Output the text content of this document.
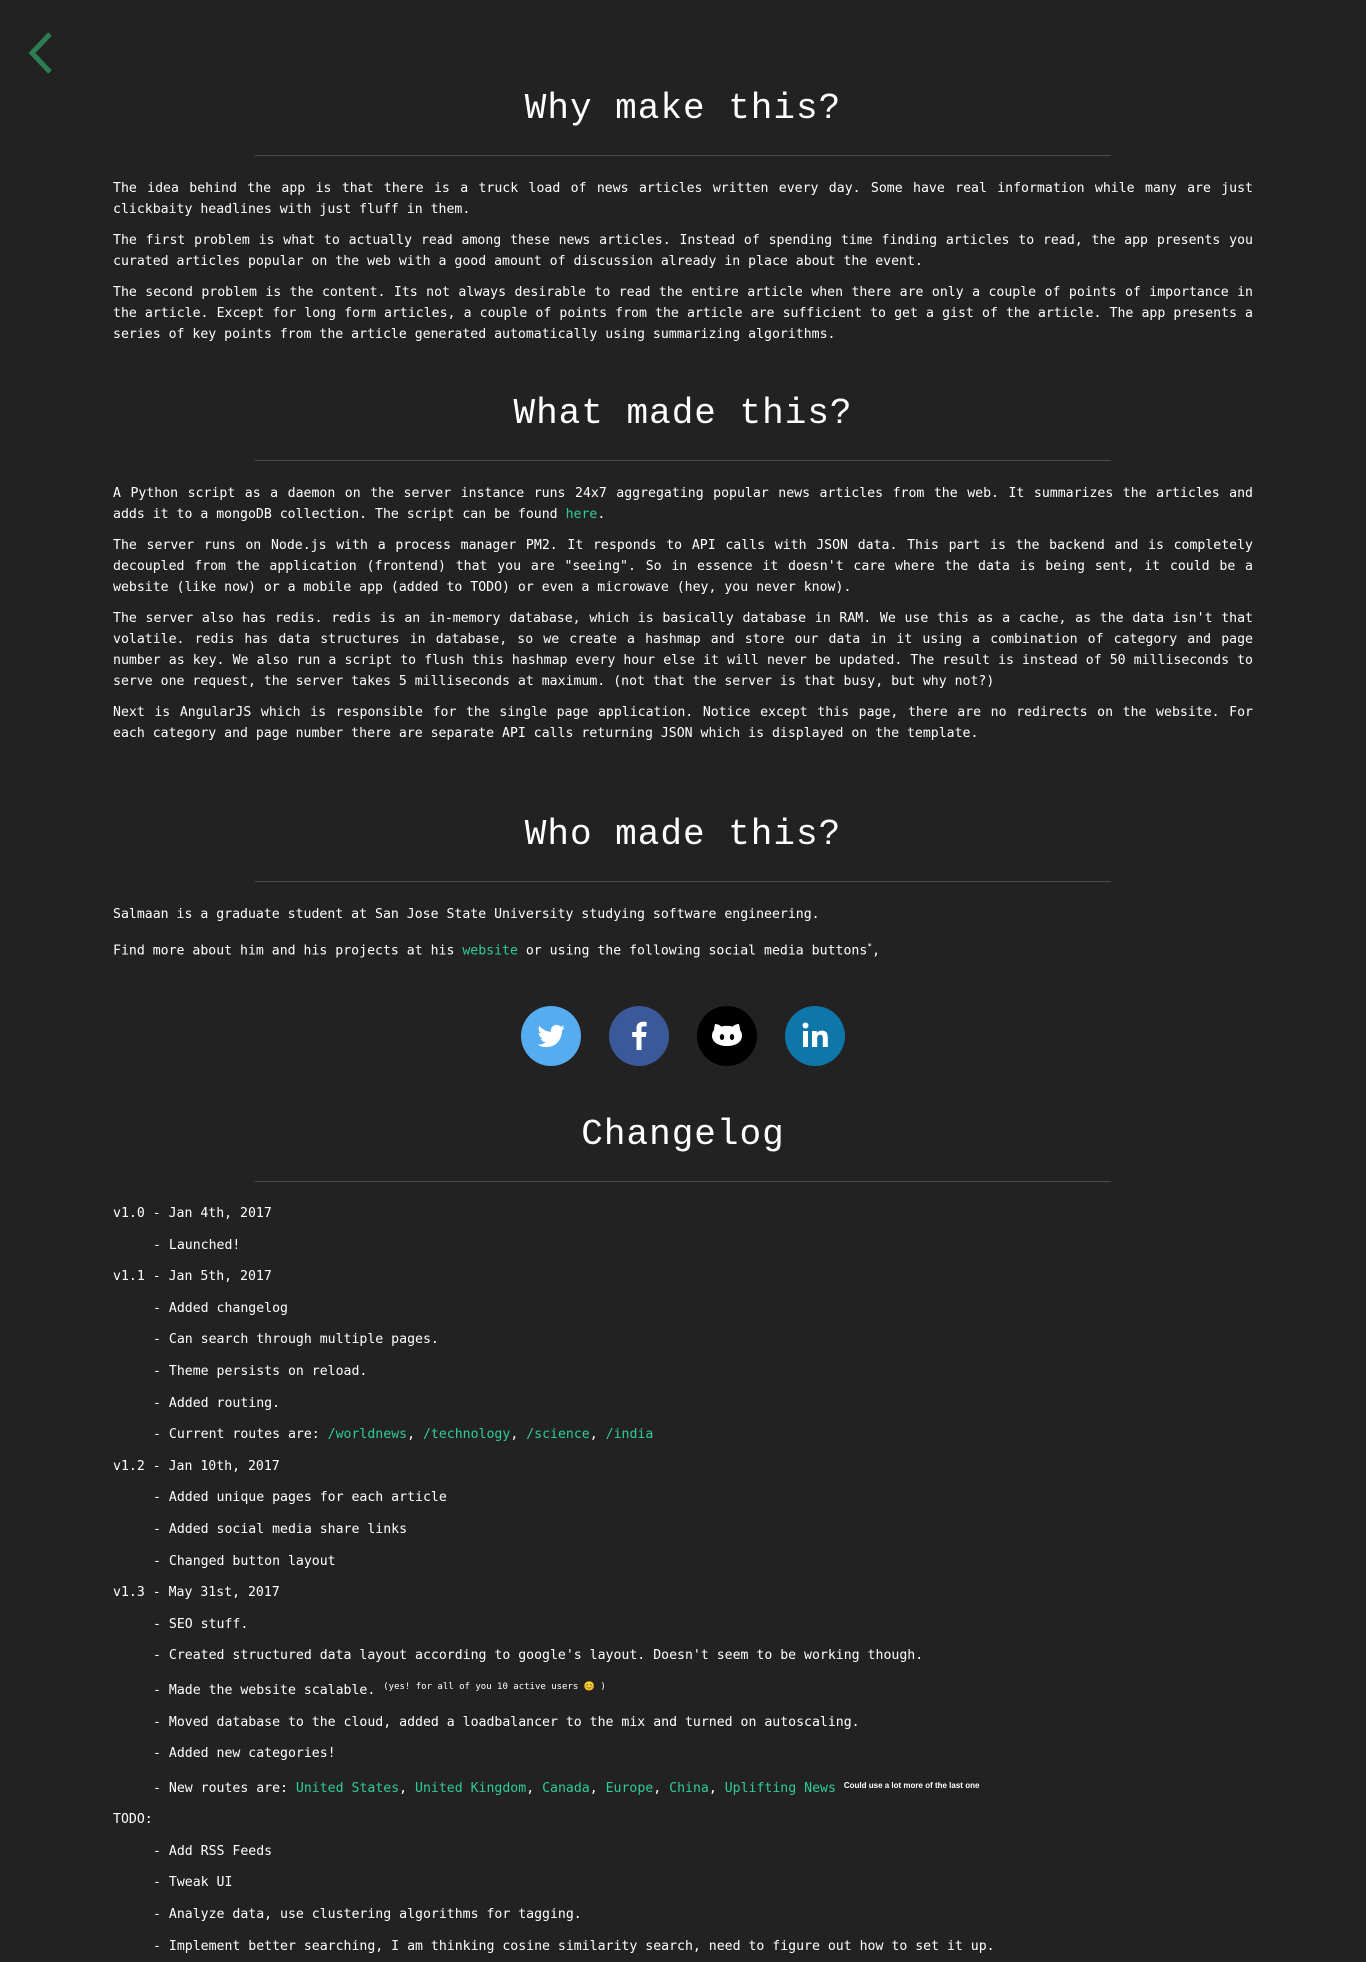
Why make this?

The idea behind the app is that there is a truck load of news articles written every day. Some have real information while many are just clickbaity headlines with just fluff in them.

The first problem is what to actually read among these news articles. Instead of spending time finding articles to read, the app presents you curated articles popular on the web with a good amount of discussion already in place about the event.

The second problem is the content. Its not always desirable to read the entire article when there are only a couple of points of importance in the article. Except for long form articles, a couple of points from the article are sufficient to get a gist of the article. The app presents a series of key points from the article generated automatically using summarizing algorithms.

What made this?

A Python script as a daemon on the server instance runs 24x7 aggregating popular news articles from the web. It summarizes the articles and adds it to a mongoDB collection. The script can be found here.

The server runs on Node.js with a process manager PM2. It responds to API calls with JSON data. This part is the backend and is completely decoupled from the application (frontend) that you are "seeing". So in essence it doesn't care where the data is being sent, it could be a website (like now) or a mobile app (added to TODO) or even a microwave (hey, you never know).

The server also has redis. redis is an in-memory database, which is basically database in RAM. We use this as a cache, as the data isn't that volatile. redis has data structures in database, so we create a hashmap and store our data in it using a combination of category and page number as key. We also run a script to flush this hashmap every hour else it will never be updated. The result is instead of 50 milliseconds to serve one request, the server takes 5 milliseconds at maximum. (not that the server is that busy, but why not?)

Next is AngularJS which is responsible for the single page application. Notice except this page, there are no redirects on the website. For each category and page number there are separate API calls returning JSON which is displayed on the template.

Who made this?

Salmaan is a graduate student at San Jose State University studying software engineering.

Find more about him and his projects at his website or using the following social media buttons*,

Changelog

v1.0 - Jan 4th, 2017

- Launched!

v1.1 - Jan 5th, 2017

- Added changelog

- Can search through multiple pages.

- Theme persists on reload.

- Added routing.

- Current routes are: /worldnews, /technology, /science, /india

v1.2 - Jan 10th, 2017

- Added unique pages for each article

- Added social media share links

- Changed button layout

v1.3 - May 31st, 2017

- SEO stuff.

- Created structured data layout according to google's layout. Doesn't seem to be working though.

- Made the website scalable. $^{(yes! for all of you 10 active users 😊 )}$

- Moved database to the cloud, added a loadbalancer to the mix and turned on autoscaling.

- Added new categories!

- New routes are: United States, United Kingdom, Canada, Europe, China, Uplifting News $^{Could use a lot more of the last one}$

TODO:

- Add RSS Feeds

- Tweak UI

- Analyze data, use clustering algorithms for tagging.

- Implement better searching, I am thinking cosine similarity search, need to figure out how to set it up.
